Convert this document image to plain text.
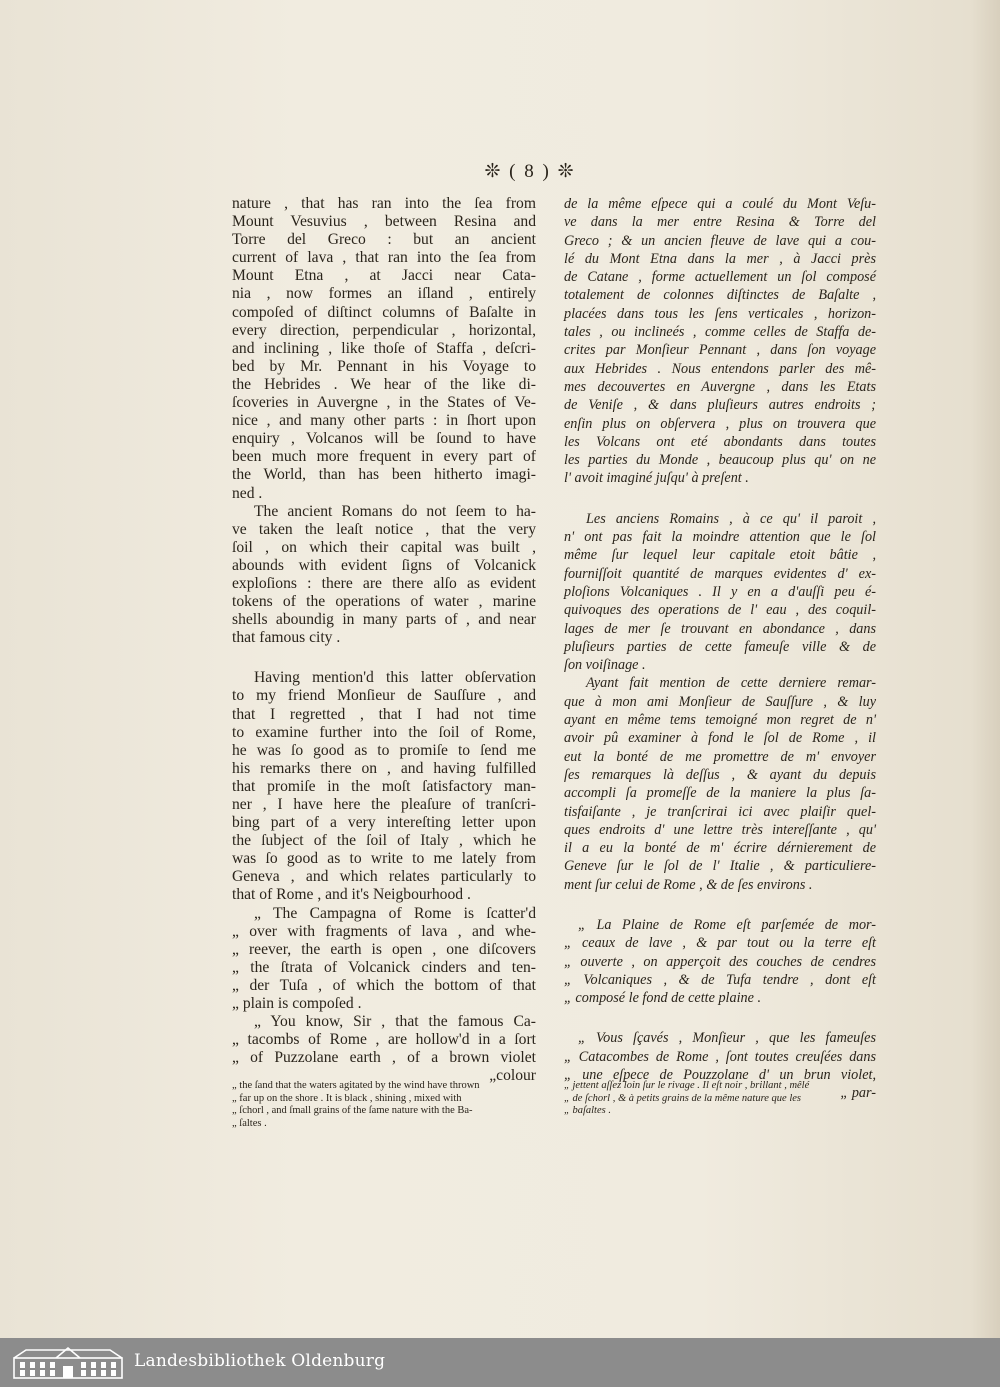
❊ ( 8 ) ❊
nature , that has ran into the ſea from
Mount Vesuvius , between Resina and
Torre del Greco : but an ancient
current of lava , that ran into the ſea from
Mount Etna , at Jacci near Cata-
nia , now formes an iſland , entirely
compoſed of diſtinct columns of Baſalte in
every direction, perpendicular , horizontal,
and inclining , like thoſe of Staffa , deſcri-
bed by Mr. Pennant in his Voyage to
the Hebrides . We hear of the like di-
ſcoveries in Auvergne , in the States of Ve-
nice , and many other parts : in ſhort upon
enquiry , Volcanos will be ſound to have
been much more frequent in every part of
the World, than has been hitherto imagi-
ned .
The ancient Romans do not ſeem to ha-
ve taken the leaſt notice , that the very
ſoil , on which their capital was built ,
abounds with evident ſigns of Volcanick
exploſions : there are there alſo as evident
tokens of the operations of water , marine
shells aboundig in many parts of , and near
that famous city .
Having mention'd this latter obſervation
to my friend Monſieur de Sauſſure , and
that I regretted , that I had not time
to examine further into the ſoil of Rome,
he was ſo good as to promiſe to ſend me
his remarks there on , and having fulfilled
that promiſe in the moſt ſatisfactory man-
ner , I have here the pleaſure of tranſcri-
bing part of a very intereſting letter upon
the ſubject of the ſoil of Italy , which he
was ſo good as to write to me lately from
Geneva , and which relates particularly to
that of Rome , and it's Neigbourhood .
„ The Campagna of Rome is ſcatter'd
„ over with fragments of lava , and whe-
„ reever, the earth is open , one diſcovers
„ the ſtrata of Volcanick cinders and ten-
„ der Tuſa , of which the bottom of that
„ plain is compoſed .
„ You know, Sir , that the famous Ca-
„ tacombs of Rome , are hollow'd in a ſort
„ of Puzzolane earth , of a brown violet
„colour
de la même eſpece qui a coulé du Mont Veſu-
ve dans la mer entre Resina & Torre del
Greco ; & un ancien fleuve de lave qui a cou-
lé du Mont Etna dans la mer , à Jacci près
de Catane , forme actuellement un ſol composé
totalement de colonnes diſtinctes de Baſalte ,
placées dans tous les ſens verticales , horizon-
tales , ou inclineés , comme celles de Staffa de-
crites par Monſieur Pennant , dans ſon voyage
aux Hebrides . Nous entendons parler des mê-
mes decouvertes en Auvergne , dans les Etats
de Veniſe , & dans pluſieurs autres endroits ;
enſin plus on obſervera , plus on trouvera que
les Volcans ont eté abondants dans toutes
les parties du Monde , beaucoup plus qu' on ne
l' avoit imaginé juſqu' à preſent .
Les anciens Romains , à ce qu' il paroit ,
n' ont pas fait la moindre attention que le ſol
même ſur lequel leur capitale etoit bâtie ,
fourniſſoit quantité de marques evidentes d' ex-
ploſions Volcaniques . Il y en a d'auſſi peu é-
quivoques des operations de l' eau , des coquil-
lages de mer ſe trouvant en abondance , dans
pluſieurs parties de cette fameuſe ville & de
ſon voiſinage .
Ayant fait mention de cette derniere remar-
que à mon ami Monſieur de Sauſſure , & luy
ayant en même tems temoigné mon regret de n'
avoir pû examiner à fond le ſol de Rome , il
eut la bonté de me promettre de m' envoyer
ſes remarques là deſſus , & ayant du depuis
accompli ſa promeſſe de la maniere la plus ſa-
tisfaiſante , je tranſcrirai ici avec plaiſir quel-
ques endroits d' une lettre très intereſſante , qu'
il a eu la bonté de m' écrire dérnierement de
Geneve ſur le ſol de l' Italie , & particuliere-
ment ſur celui de Rome , & de ſes environs .
„ La Plaine de Rome eſt parſemée de mor-
„ ceaux de lave , & par tout ou la terre eſt
„ ouverte , on apperçoit des couches de cendres
„ Volcaniques , & de Tufa tendre , dont eſt
„ composé le fond de cette plaine .
„ Vous ſçavés , Monſieur , que les fameuſes
„ Catacombes de Rome , ſont toutes creuſées dans
„ une eſpece de Pouzzolane d' un brun violet,
„ par-
„ the ſand that the waters agitated by the wind have thrown
„ far up on the shore . It is black , shining , mixed with
„ ſchorl , and ſmall grains of the ſame nature with the Ba-
„ ſaltes .
„ jettent aſſez loin ſur le rivage . Il eſt noir , brillant , mêlé
„ de ſchorl , & à petits grains de la même nature que les
„ baſaltes .
Landesbibliothek Oldenburg
